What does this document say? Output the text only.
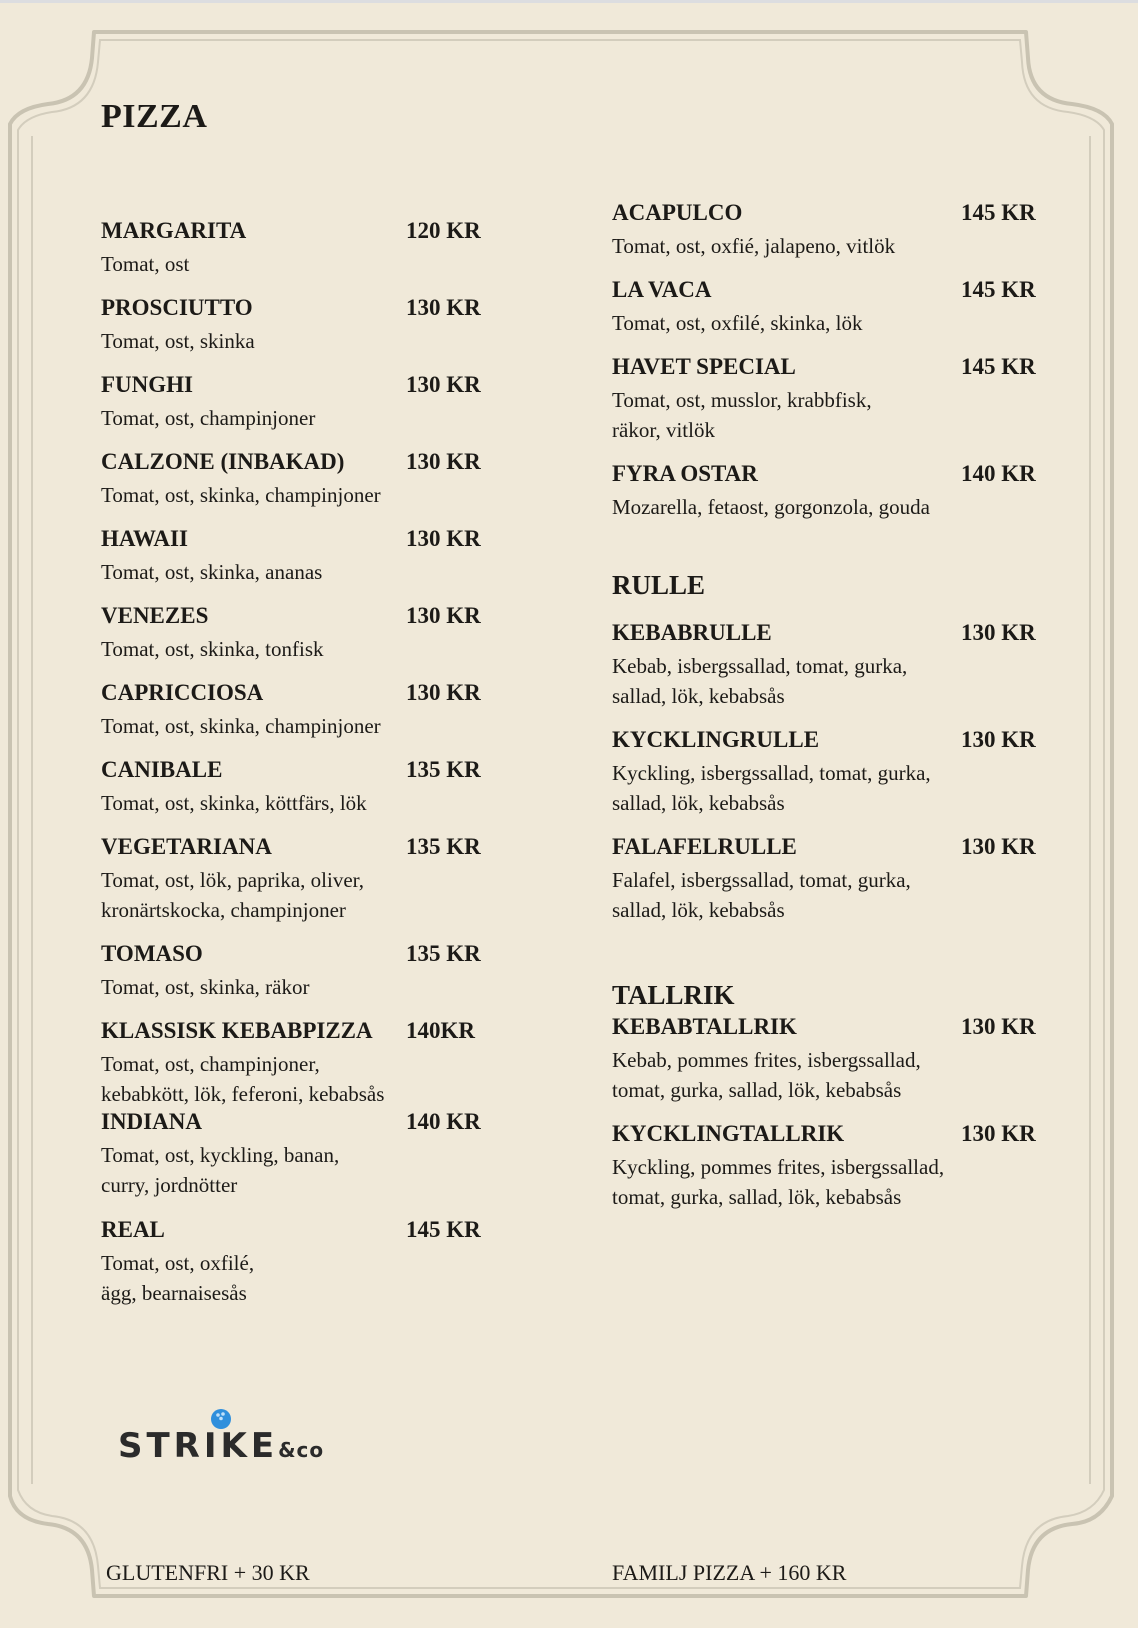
PIZZA
MARGARITA	120 KR
Tomat, ost
PROSCIUTTO	130 KR
Tomat, ost, skinka
FUNGHI	130 KR
Tomat, ost, champinjoner
CALZONE (INBAKAD)	130 KR
Tomat, ost, skinka, champinjoner
HAWAII	130 KR
Tomat, ost, skinka, ananas
VENEZES	130 KR
Tomat, ost, skinka, tonfisk
CAPRICCIOSA	130 KR
Tomat, ost, skinka, champinjoner
CANIBALE	135 KR
Tomat, ost, skinka, köttfärs, lök
VEGETARIANA	135 KR
Tomat, ost, lök, paprika, oliver,
kronärtskocka, champinjoner
TOMASO	135 KR
Tomat, ost, skinka, räkor
KLASSISK KEBABPIZZA 140KR
Tomat, ost, champinjoner,
kebabkött, lök, feferoni, kebabsås
INDIANA	140 KR
Tomat, ost, kyckling, banan,
curry, jordnötter
REAL	145 KR
Tomat, ost, oxfilé,
ägg, bearnaisesås
ACAPULCO	145 KR
Tomat, ost, oxfié, jalapeno, vitlök
LA VACA	145 KR
Tomat, ost, oxfilé, skinka, lök
HAVET SPECIAL	145 KR
Tomat, ost, musslor, krabbfisk,
räkor, vitlök
FYRA OSTAR	140 KR
Mozarella, fetaost, gorgonzola, gouda
RULLE
KEBABRULLE	130 KR
Kebab, isbergssallad, tomat, gurka,
sallad, lök, kebabsås
KYCKLINGRULLE	130 KR
Kyckling, isbergssallad, tomat, gurka,
sallad, lök, kebabsås
FALAFELRULLE	130 KR
Falafel, isbergssallad, tomat, gurka,
sallad, lök, kebabsås
TALLRIK
KEBABTALLRIK	130 KR
Kebab, pommes frites, isbergssallad,
tomat, gurka, sallad, lök, kebabsås
KYCKLINGTALLRIK	130 KR
Kyckling, pommes frites, isbergssallad,
tomat, gurka, sallad, lök, kebabsås
STRIKE&co
GLUTENFRI + 30 KR	FAMILJ PIZZA + 160 KR
